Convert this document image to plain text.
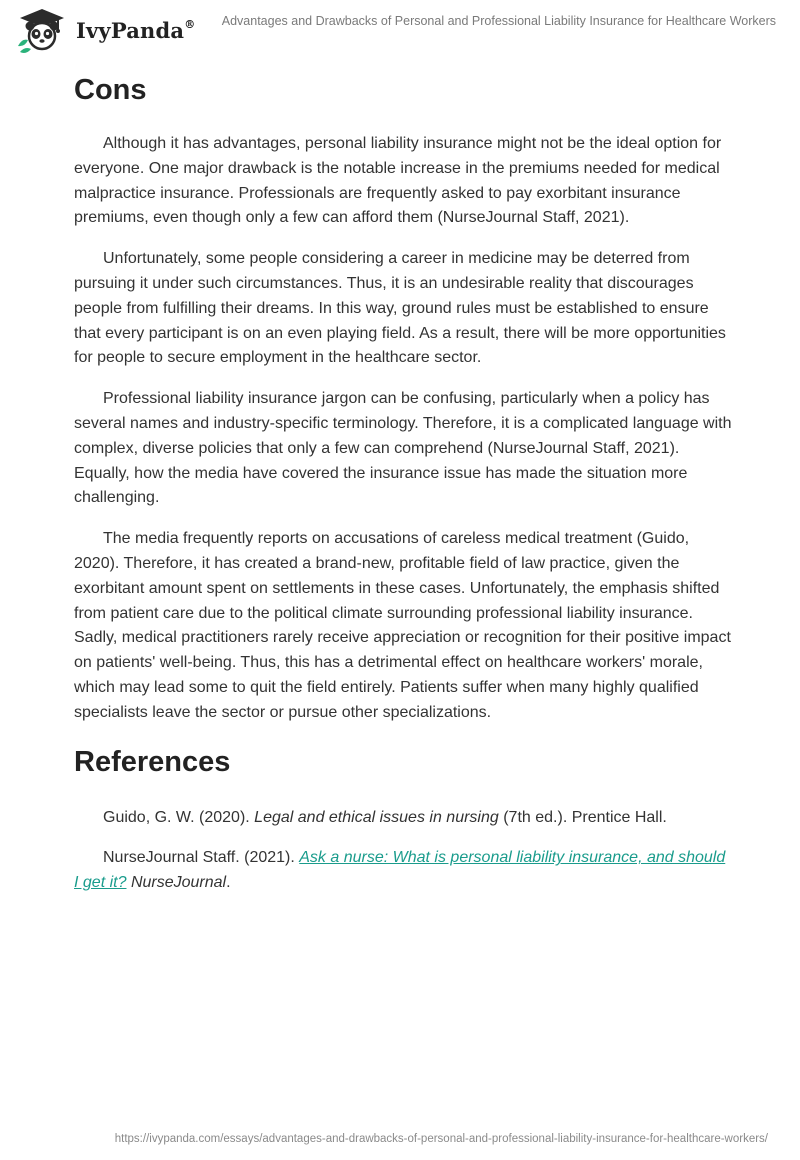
IvyPanda® Advantages and Drawbacks of Personal and Professional Liability Insurance for Healthcare Workers
Cons

Although it has advantages, personal liability insurance might not be the ideal option for everyone. One major drawback is the notable increase in the premiums needed for medical malpractice insurance. Professionals are frequently asked to pay exorbitant insurance premiums, even though only a few can afford them (NurseJournal Staff, 2021).

Unfortunately, some people considering a career in medicine may be deterred from pursuing it under such circumstances. Thus, it is an undesirable reality that discourages people from fulfilling their dreams. In this way, ground rules must be established to ensure that every participant is on an even playing field. As a result, there will be more opportunities for people to secure employment in the healthcare sector.

Professional liability insurance jargon can be confusing, particularly when a policy has several names and industry-specific terminology. Therefore, it is a complicated language with complex, diverse policies that only a few can comprehend (NurseJournal Staff, 2021). Equally, how the media have covered the insurance issue has made the situation more challenging.

The media frequently reports on accusations of careless medical treatment (Guido, 2020). Therefore, it has created a brand-new, profitable field of law practice, given the exorbitant amount spent on settlements in these cases. Unfortunately, the emphasis shifted from patient care due to the political climate surrounding professional liability insurance. Sadly, medical practitioners rarely receive appreciation or recognition for their positive impact on patients' well-being. Thus, this has a detrimental effect on healthcare workers' morale, which may lead some to quit the field entirely. Patients suffer when many highly qualified specialists leave the sector or pursue other specializations.

References

Guido, G. W. (2020). Legal and ethical issues in nursing (7th ed.). Prentice Hall.

NurseJournal Staff. (2021). Ask a nurse: What is personal liability insurance, and should I get it? NurseJournal.

https://ivypanda.com/essays/advantages-and-drawbacks-of-personal-and-professional-liability-insurance-for-healthcare-workers/
